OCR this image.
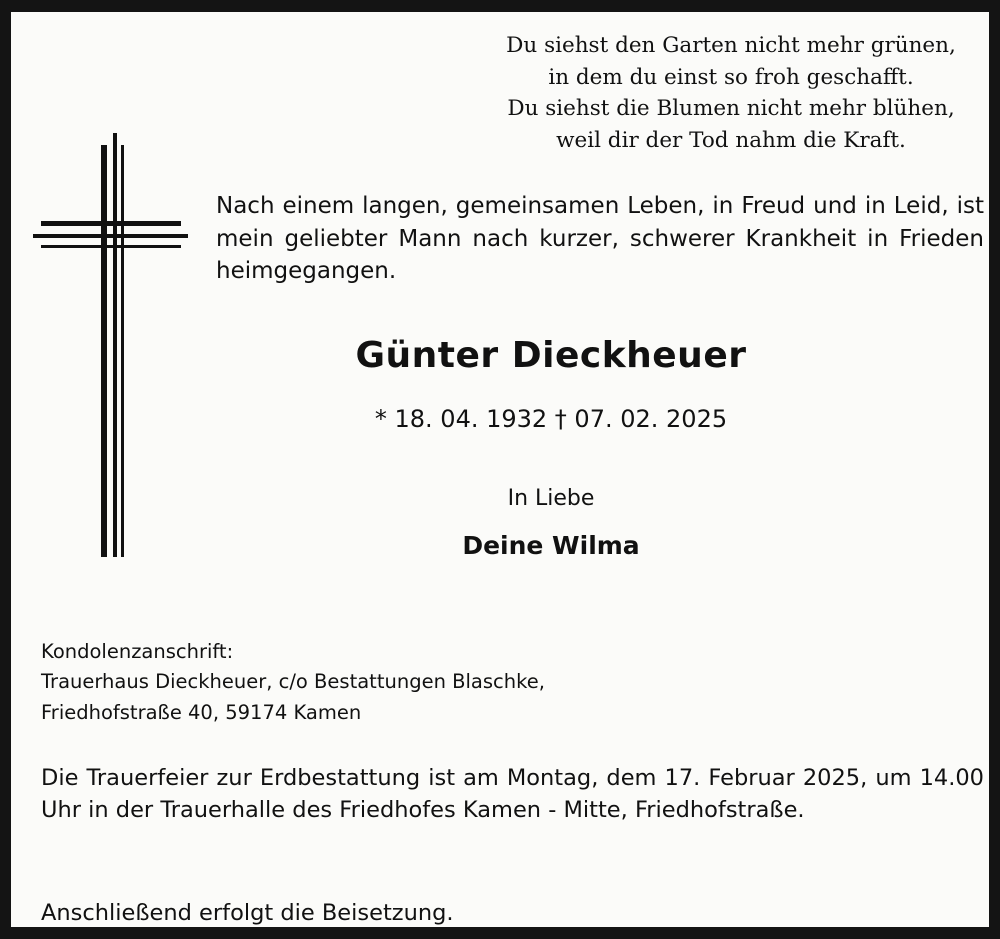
Du siehst den Garten nicht mehr grünen,
in dem du einst so froh geschafft.
Du siehst die Blumen nicht mehr blühen,
weil dir der Tod nahm die Kraft.
Nach einem langen, gemeinsamen Leben, in Freud und in Leid, ist mein geliebter Mann nach kurzer, schwerer Krankheit in Frieden heimgegangen.
Günter Dieckheuer
* 18. 04. 1932 † 07. 02. 2025
In Liebe
Deine Wilma
Kondolenzanschrift:
Trauerhaus Dieckheuer, c/o Bestattungen Blaschke,
Friedhofstraße 40, 59174 Kamen
Die Trauerfeier zur Erdbestattung ist am Montag, dem 17. Februar 2025, um 14.00 Uhr in der Trauerhalle des Friedhofes Kamen - Mitte, Friedhofstraße.
Anschließend erfolgt die Beisetzung.
